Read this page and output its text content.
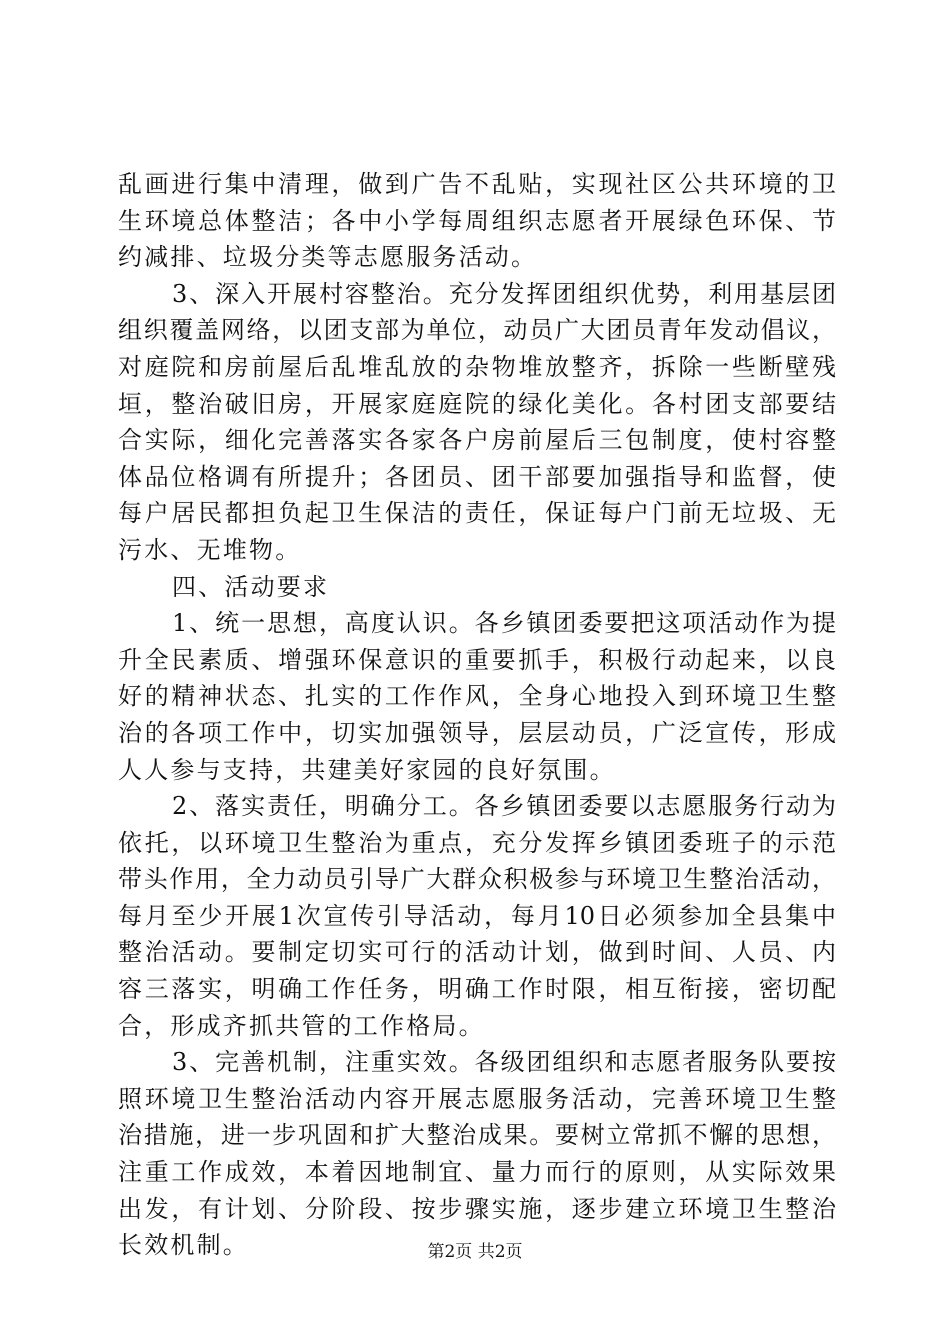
乱画进行集中清理，做到广告不乱贴，实现社区公共环境的卫
生环境总体整洁；各中小学每周组织志愿者开展绿色环保、节
约减排、垃圾分类等志愿服务活动。
3、深入开展村容整治。充分发挥团组织优势，利用基层团
组织覆盖网络，以团支部为单位，动员广大团员青年发动倡议，
对庭院和房前屋后乱堆乱放的杂物堆放整齐，拆除一些断壁残
垣，整治破旧房，开展家庭庭院的绿化美化。各村团支部要结
合实际，细化完善落实各家各户房前屋后三包制度，使村容整
体品位格调有所提升；各团员、团干部要加强指导和监督，使
每户居民都担负起卫生保洁的责任，保证每户门前无垃圾、无
污水、无堆物。
四、活动要求
1、统一思想，高度认识。各乡镇团委要把这项活动作为提
升全民素质、增强环保意识的重要抓手，积极行动起来，以良
好的精神状态、扎实的工作作风，全身心地投入到环境卫生整
治的各项工作中，切实加强领导，层层动员，广泛宣传，形成
人人参与支持，共建美好家园的良好氛围。
2、落实责任，明确分工。各乡镇团委要以志愿服务行动为
依托，以环境卫生整治为重点，充分发挥乡镇团委班子的示范
带头作用，全力动员引导广大群众积极参与环境卫生整治活动，
每月至少开展1次宣传引导活动，每月10日必须参加全县集中
整治活动。要制定切实可行的活动计划，做到时间、人员、内
容三落实，明确工作任务，明确工作时限，相互衔接，密切配
合，形成齐抓共管的工作格局。
3、完善机制，注重实效。各级团组织和志愿者服务队要按
照环境卫生整治活动内容开展志愿服务活动，完善环境卫生整
治措施，进一步巩固和扩大整治成果。要树立常抓不懈的思想，
注重工作成效，本着因地制宜、量力而行的原则，从实际效果
出发，有计划、分阶段、按步骤实施，逐步建立环境卫生整治
长效机制。	第2页 共2页
